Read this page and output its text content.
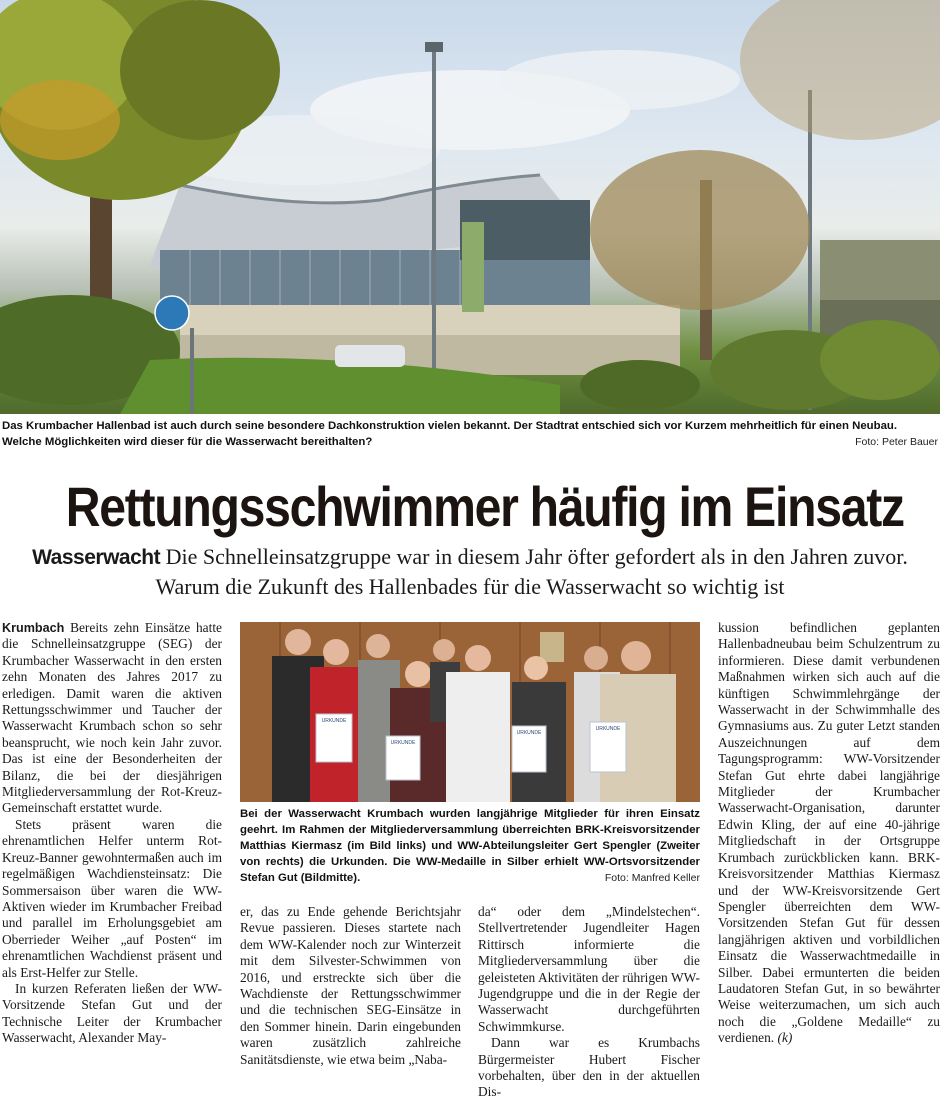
Das Krumbacher Hallenbad ist auch durch seine besondere Dachkonstruktion vielen bekannt. Der Stadtrat entschied sich vor Kurzem mehrheitlich für einen Neubau. Welche Möglichkeiten wird dieser für die Wasserwacht bereithalten?	Foto: Peter Bauer
Rettungsschwimmer häufig im Einsatz
Wasserwacht Die Schnelleinsatzgruppe war in diesem Jahr öfter gefordert als in den Jahren zuvor. Warum die Zukunft des Hallenbades für die Wasserwacht so wichtig ist

Krumbach Bereits zehn Einsätze hatte die Schnelleinsatzgruppe (SEG) der Krumbacher Wasserwacht in den ersten zehn Monaten des Jahres 2017 zu erledigen. Damit waren die aktiven Rettungsschwimmer und Taucher der Wasserwacht Krumbach schon so sehr beansprucht, wie noch kein Jahr zuvor. Das ist eine der Besonderheiten der Bilanz, die bei der diesjährigen Mitgliederversammlung der Rot-Kreuz-Gemeinschaft erstattet wurde.

Stets präsent waren die ehrenamtlichen Helfer unterm Rot-Kreuz-Banner gewohntermaßen auch im regelmäßigen Wachdiensteinsatz: Die Sommersaison über waren die WW-Aktiven wieder im Krumbacher Freibad und parallel im Erholungsgebiet am Oberrieder Weiher „auf Posten“ im ehrenamtlichen Wachdienst präsent und als Erst-Helfer zur Stelle.

In kurzen Referaten ließen der WW-Vorsitzende Stefan Gut und der Technische Leiter der Krumbacher Wasserwacht, Alexander May-

URKUNDE
URKUNDE
URKUNDE
URKUNDE
Bei der Wasserwacht Krumbach wurden langjährige Mitglieder für ihren Einsatz geehrt. Im Rahmen der Mitgliederversammlung überreichten BRK-Kreisvorsitzender Matthias Kiermasz (im Bild links) und WW-Abteilungsleiter Gert Spengler (Zweiter von rechts) die Urkunden. Die WW-Medaille in Silber erhielt WW-Ortsvorsitzender Stefan Gut (Bildmitte).	Foto: Manfred Keller

er, das zu Ende gehende Berichtsjahr Revue passieren. Dieses startete nach dem WW-Kalender noch zur Winterzeit mit dem Silvester-Schwimmen von 2016, und erstreckte sich über die Wachdienste der Rettungsschwimmer und die technischen SEG-Einsätze in den Sommer hinein. Darin eingebunden waren zusätzlich zahlreiche Sanitätsdienste, wie etwa beim „Naba-

da“ oder dem „Mindelstechen“. Stellvertretender Jugendleiter Hagen Rittirsch informierte die Mitgliederversammlung über die geleisteten Aktivitäten der rührigen WW-Jugendgruppe und die in der Regie der Wasserwacht durchgeführten Schwimmkurse.

Dann war es Krumbachs Bürgermeister Hubert Fischer vorbehalten, über den in der aktuellen Dis-

kussion befindlichen geplanten Hallenbadneubau beim Schulzentrum zu informieren. Diese damit verbundenen Maßnahmen wirken sich auch auf die künftigen Schwimmlehrgänge der Wasserwacht in der Schwimmhalle des Gymnasiums aus. Zu guter Letzt standen Auszeichnungen auf dem Tagungsprogramm: WW-Vorsitzender Stefan Gut ehrte dabei langjährige Mitglieder der Krumbacher Wasserwacht-Organisation, darunter Edwin Kling, der auf eine 40-jährige Mitgliedschaft in der Ortsgruppe Krumbach zurückblicken kann. BRK-Kreisvorsitzender Matthias Kiermasz und der WW-Kreisvorsitzende Gert Spengler überreichten dem WW-Vorsitzenden Stefan Gut für dessen langjährigen aktiven und vorbildlichen Einsatz die Wasserwachtmedaille in Silber. Dabei ermunterten die beiden Laudatoren Stefan Gut, in so bewährter Weise weiterzumachen, um sich auch noch die „Goldene Medaille“ zu verdienen. (k)
